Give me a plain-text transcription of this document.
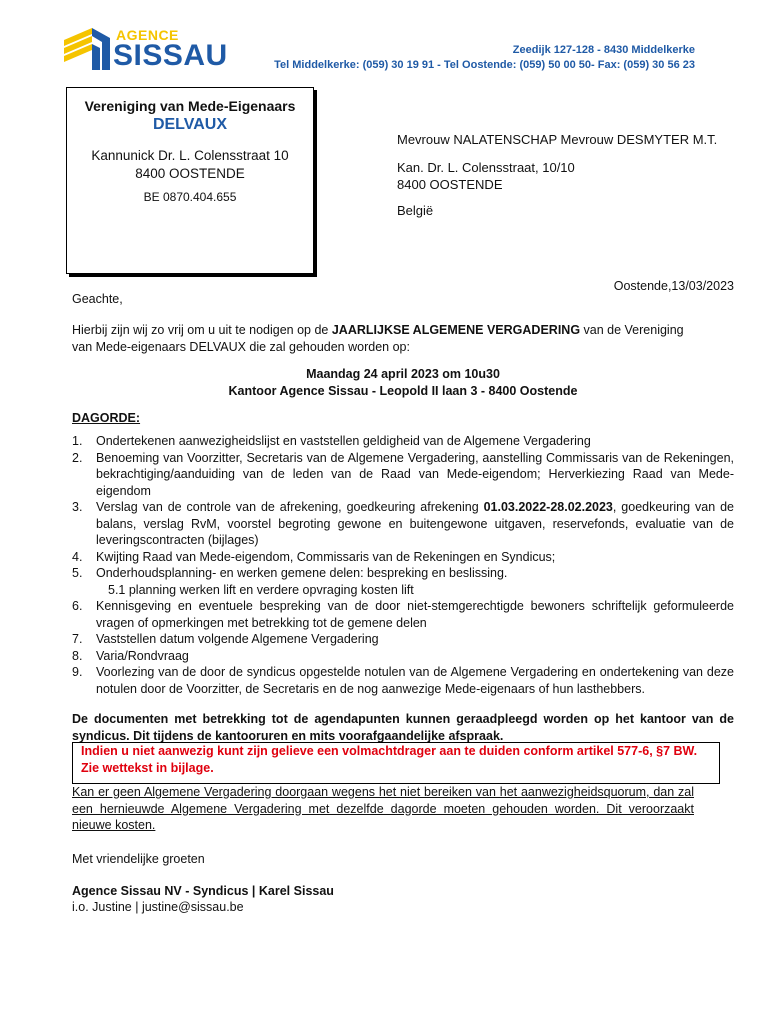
AGENCE
SISSAU	Zeedijk 127-128 - 8430 Middelkerke
Tel Middelkerke: (059) 30 19 91 - Tel Oostende: (059) 50 00 50- Fax: (059) 30 56 23
Vereniging van Mede-Eigenaars
DELVAUX
Kannunick Dr. L. Colensstraat 10
8400 OOSTENDE
BE 0870.404.655
Mevrouw NALATENSCHAP Mevrouw DESMYTER M.T.
Kan. Dr. L. Colensstraat, 10/10
8400 OOSTENDE
België
Oostende,13/03/2023
Geachte,
Hierbij zijn wij zo vrij om u uit te nodigen op de JAARLIJKSE ALGEMENE VERGADERING van de Vereniging
van Mede-eigenaars DELVAUX die zal gehouden worden op:
Maandag 24 april 2023 om 10u30
Kantoor Agence Sissau - Leopold II laan 3 - 8400 Oostende
DAGORDE:
1. Ondertekenen aanwezigheidslijst en vaststellen geldigheid van de Algemene Vergadering
2. Benoeming van Voorzitter, Secretaris van de Algemene Vergadering, aanstelling Commissaris van de Rekeningen, bekrachtiging/aanduiding van de leden van de Raad van Mede-eigendom; Herverkiezing Raad van Mede-eigendom
3. Verslag van de controle van de afrekening, goedkeuring afrekening 01.03.2022-28.02.2023, goedkeuring van de balans, verslag RvM, voorstel begroting gewone en buitengewone uitgaven, reservefonds, evaluatie van de leveringscontracten (bijlages)
4. Kwijting Raad van Mede-eigendom, Commissaris van de Rekeningen en Syndicus;
5. Onderhoudsplanning- en werken gemene delen: bespreking en beslissing.
5.1 planning werken lift en verdere opvraging kosten lift
6. Kennisgeving en eventuele bespreking van de door niet-stemgerechtigde bewoners schriftelijk geformuleerde vragen of opmerkingen met betrekking tot de gemene delen
7. Vaststellen datum volgende Algemene Vergadering
8. Varia/Rondvraag
9. Voorlezing van de door de syndicus opgestelde notulen van de Algemene Vergadering en ondertekening van deze notulen door de Voorzitter, de Secretaris en de nog aanwezige Mede-eigenaars of hun lasthebbers.
De documenten met betrekking tot de agendapunten kunnen geraadpleegd worden op het kantoor van de syndicus. Dit tijdens de kantooruren en mits voorafgaandelijke afspraak.
Indien u niet aanwezig kunt zijn gelieve een volmachtdrager aan te duiden conform artikel 577-6, §7 BW.
Zie wettekst in bijlage.
Kan er geen Algemene Vergadering doorgaan wegens het niet bereiken van het aanwezigheidsquorum, dan zal een hernieuwde Algemene Vergadering met dezelfde dagorde moeten gehouden worden. Dit veroorzaakt nieuwe kosten.
Met vriendelijke groeten
Agence Sissau NV - Syndicus | Karel Sissau
i.o. Justine | justine@sissau.be
